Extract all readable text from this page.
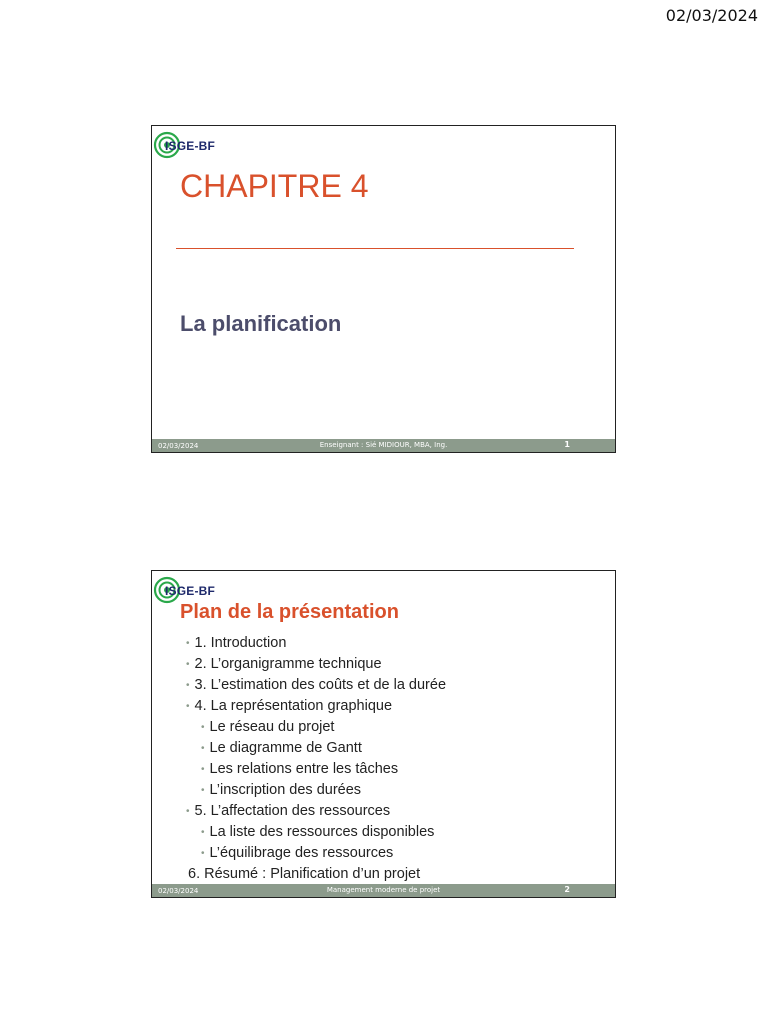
02/03/2024
ISGE-BF
CHAPITRE 4
La planification
02/03/2024	Enseignant : Sié MIDIOUR, MBA, Ing.	1
ISGE-BF
Plan de la présentation
• 1. Introduction
• 2. L’organigramme technique
• 3. L’estimation des coûts et de la durée
• 4. La représentation graphique
• Le réseau du projet
• Le diagramme de Gantt
• Les relations entre les tâches
• L’inscription des durées
• 5. L’affectation des ressources
• La liste des ressources disponibles
• L’équilibrage des ressources
6. Résumé : Planification d’un projet
02/03/2024	Management moderne de projet	2
